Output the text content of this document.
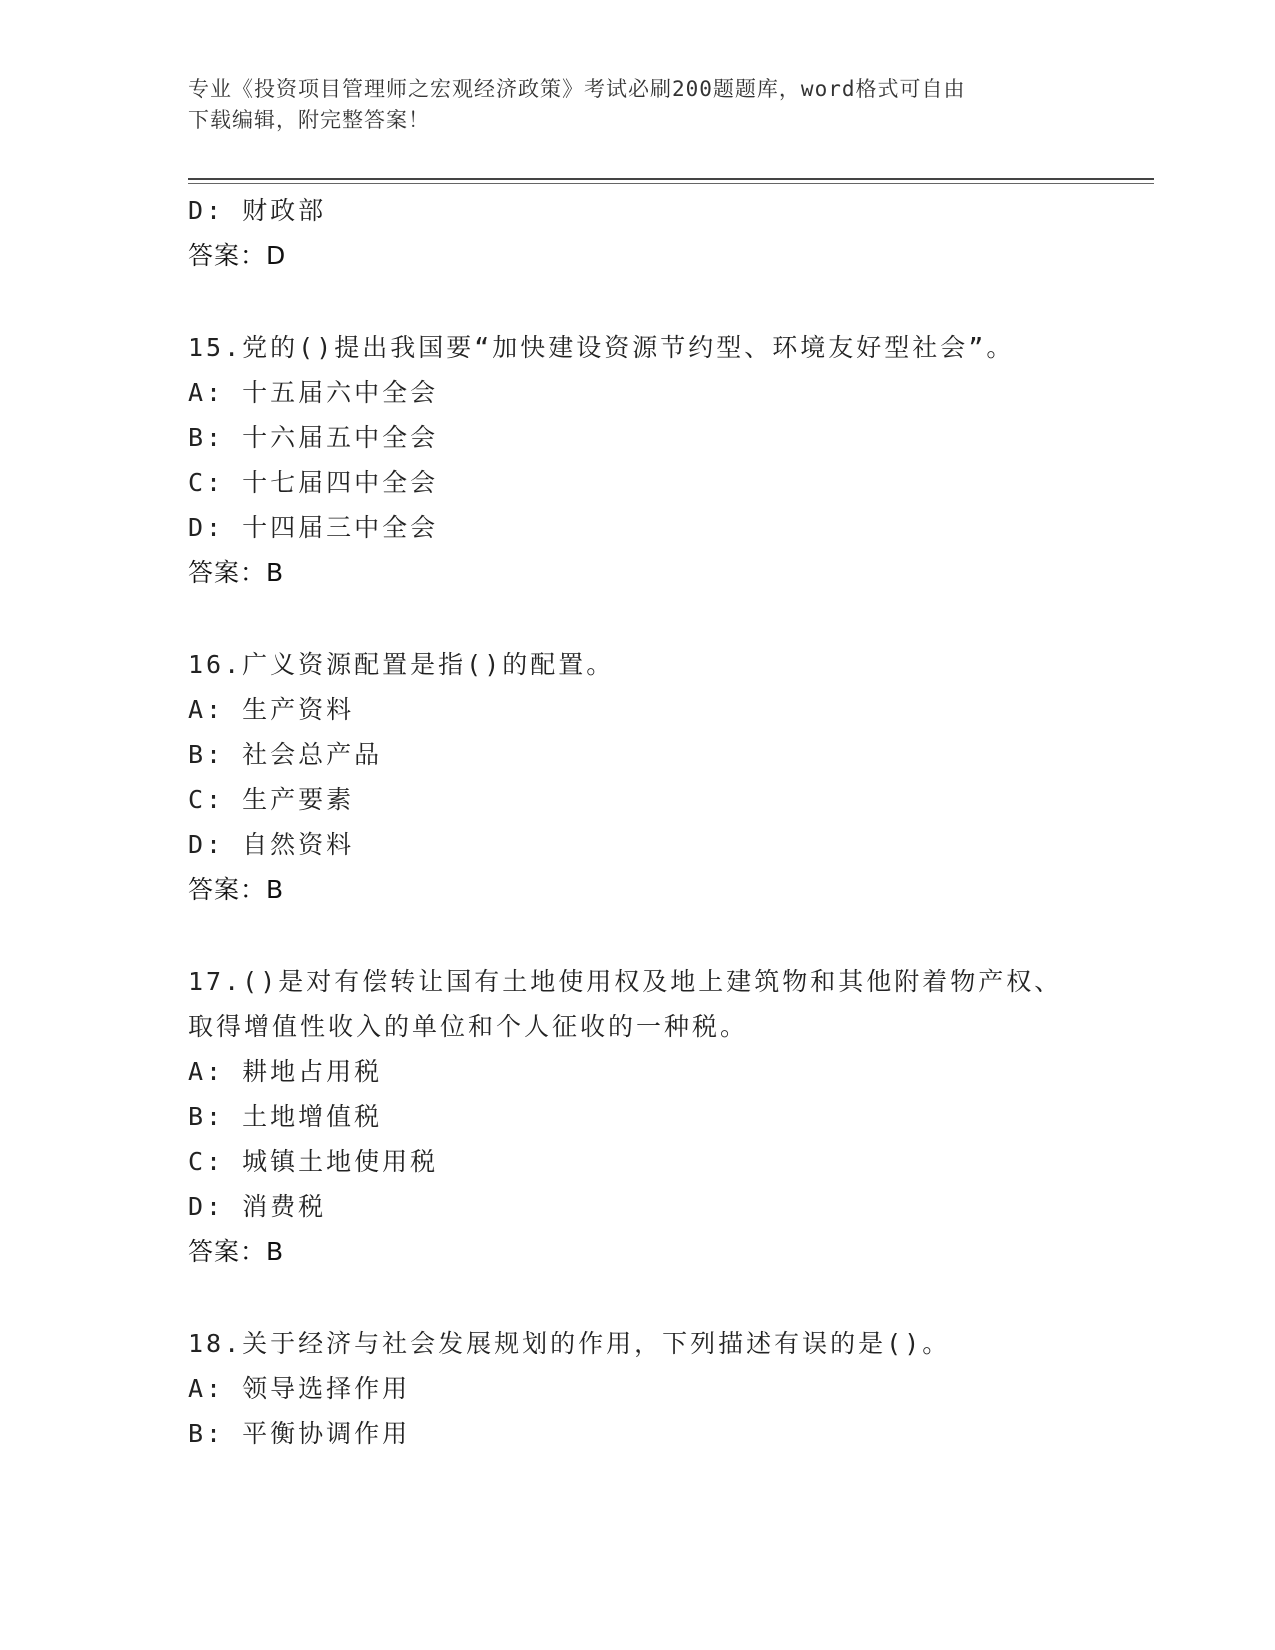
专业《投资项目管理师之宏观经济政策》考试必刷200题题库，word格式可自由
下载编辑，附完整答案！
D: 财政部
答案：D
15.党的()提出我国要“加快建设资源节约型、环境友好型社会”。
A: 十五届六中全会
B: 十六届五中全会
C: 十七届四中全会
D: 十四届三中全会
答案：B
16.广义资源配置是指()的配置。
A: 生产资料
B: 社会总产品
C: 生产要素
D: 自然资料
答案：B
17.()是对有偿转让国有土地使用权及地上建筑物和其他附着物产权、
取得增值性收入的单位和个人征收的一种税。
A: 耕地占用税
B: 土地增值税
C: 城镇土地使用税
D: 消费税
答案：B
18.关于经济与社会发展规划的作用，下列描述有误的是()。
A: 领导选择作用
B: 平衡协调作用
